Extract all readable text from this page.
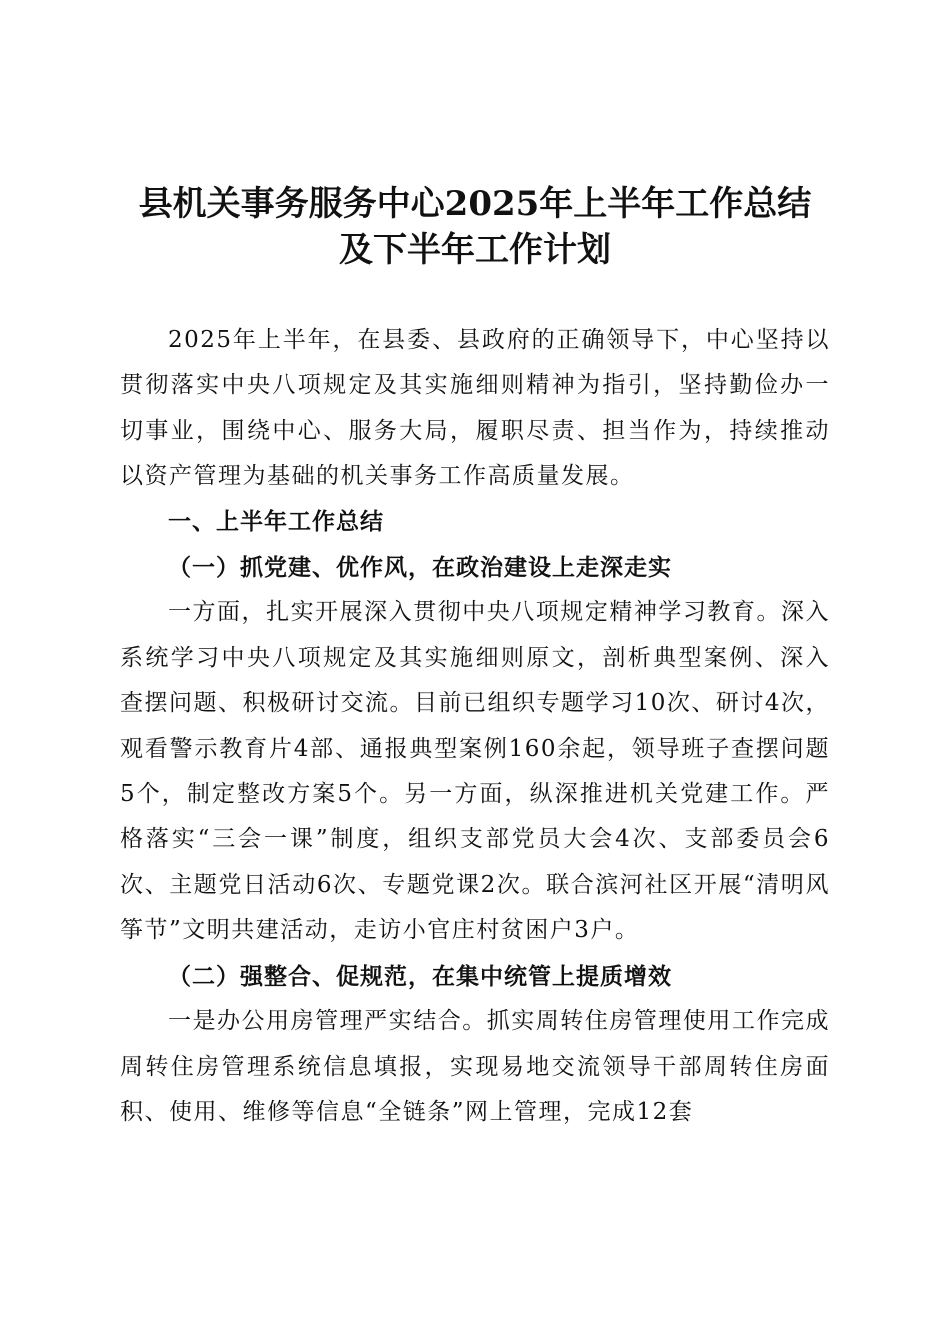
县机关事务服务中心2025年上半年工作总结
及下半年工作计划

2025年上半年，在县委、县政府的正确领导下，中心坚持以贯彻落实中央八项规定及其实施细则精神为指引，坚持勤俭办一切事业，围绕中心、服务大局，履职尽责、担当作为，持续推动以资产管理为基础的机关事务工作高质量发展。

一、上半年工作总结

（一）抓党建、优作风，在政治建设上走深走实

一方面，扎实开展深入贯彻中央八项规定精神学习教育。深入系统学习中央八项规定及其实施细则原文，剖析典型案例、深入查摆问题、积极研讨交流。目前已组织专题学习10次、研讨4次，观看警示教育片4部、通报典型案例160余起，领导班子查摆问题5个，制定整改方案5个。另一方面，纵深推进机关党建工作。严格落实“三会一课”制度，组织支部党员大会4次、支部委员会6次、主题党日活动6次、专题党课2次。联合滨河社区开展“清明风筝节”文明共建活动，走访小官庄村贫困户3户。

（二）强整合、促规范，在集中统管上提质增效

一是办公用房管理严实结合。抓实周转住房管理使用工作完成周转住房管理系统信息填报，实现易地交流领导干部周转住房面积、使用、维修等信息“全链条”网上管理，完成12套
